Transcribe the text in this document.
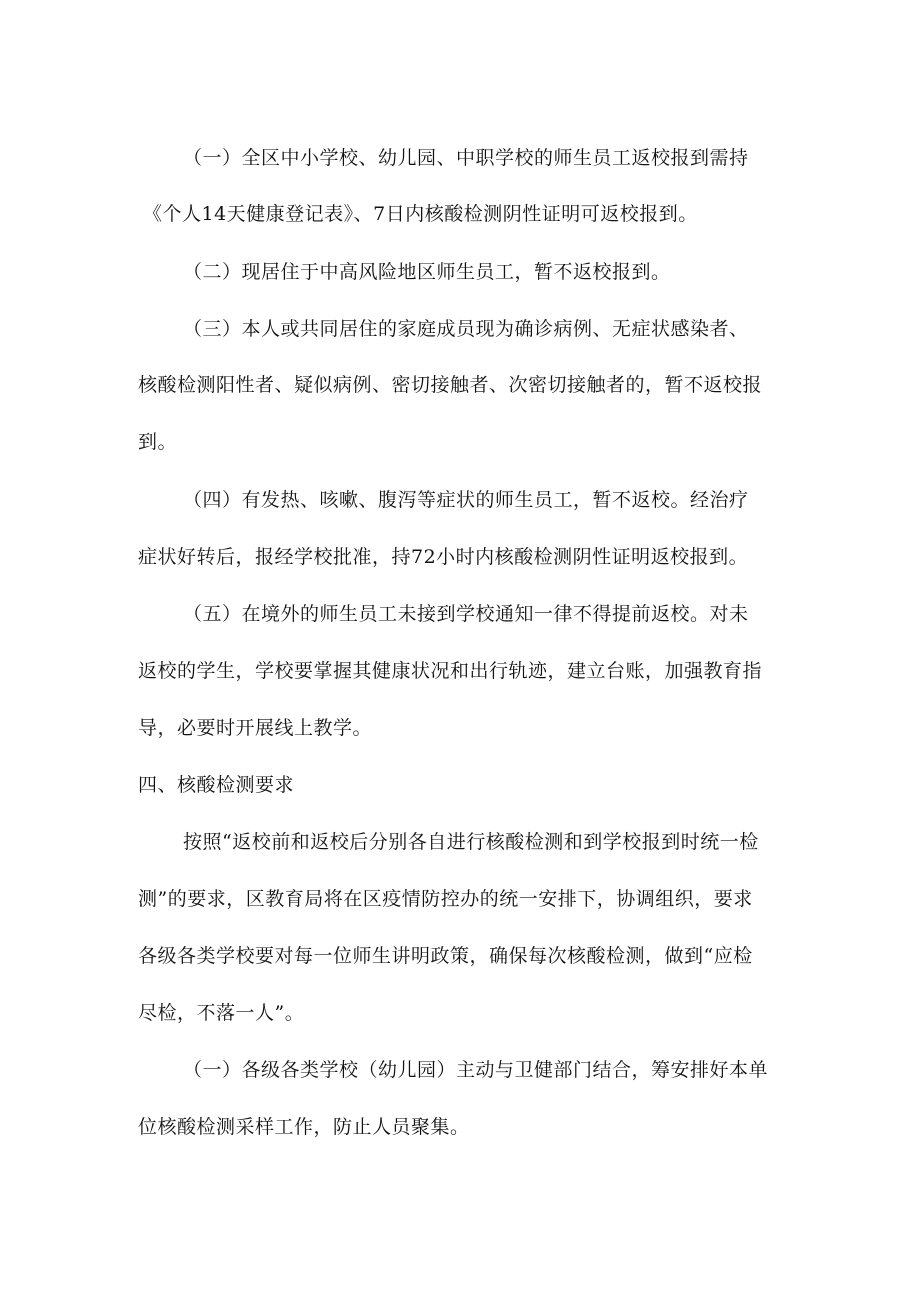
（一）全区中小学校、幼儿园、中职学校的师生员工返校报到需持
《个人14天健康登记表》、7日内核酸检测阴性证明可返校报到。
（二）现居住于中高风险地区师生员工，暂不返校报到。
（三）本人或共同居住的家庭成员现为确诊病例、无症状感染者、
核酸检测阳性者、疑似病例、密切接触者、次密切接触者的，暂不返校报
到。
（四）有发热、咳嗽、腹泻等症状的师生员工，暂不返校。经治疗
症状好转后，报经学校批准，持72小时内核酸检测阴性证明返校报到。
（五）在境外的师生员工未接到学校通知一律不得提前返校。对未
返校的学生，学校要掌握其健康状况和出行轨迹，建立台账，加强教育指
导，必要时开展线上教学。
四、核酸检测要求
按照“返校前和返校后分别各自进行核酸检测和到学校报到时统一检
测”的要求，区教育局将在区疫情防控办的统一安排下，协调组织，要求
各级各类学校要对每一位师生讲明政策，确保每次核酸检测，做到“应检
尽检，不落一人”。
（一）各级各类学校（幼儿园）主动与卫健部门结合，筹安排好本单
位核酸检测采样工作，防止人员聚集。
